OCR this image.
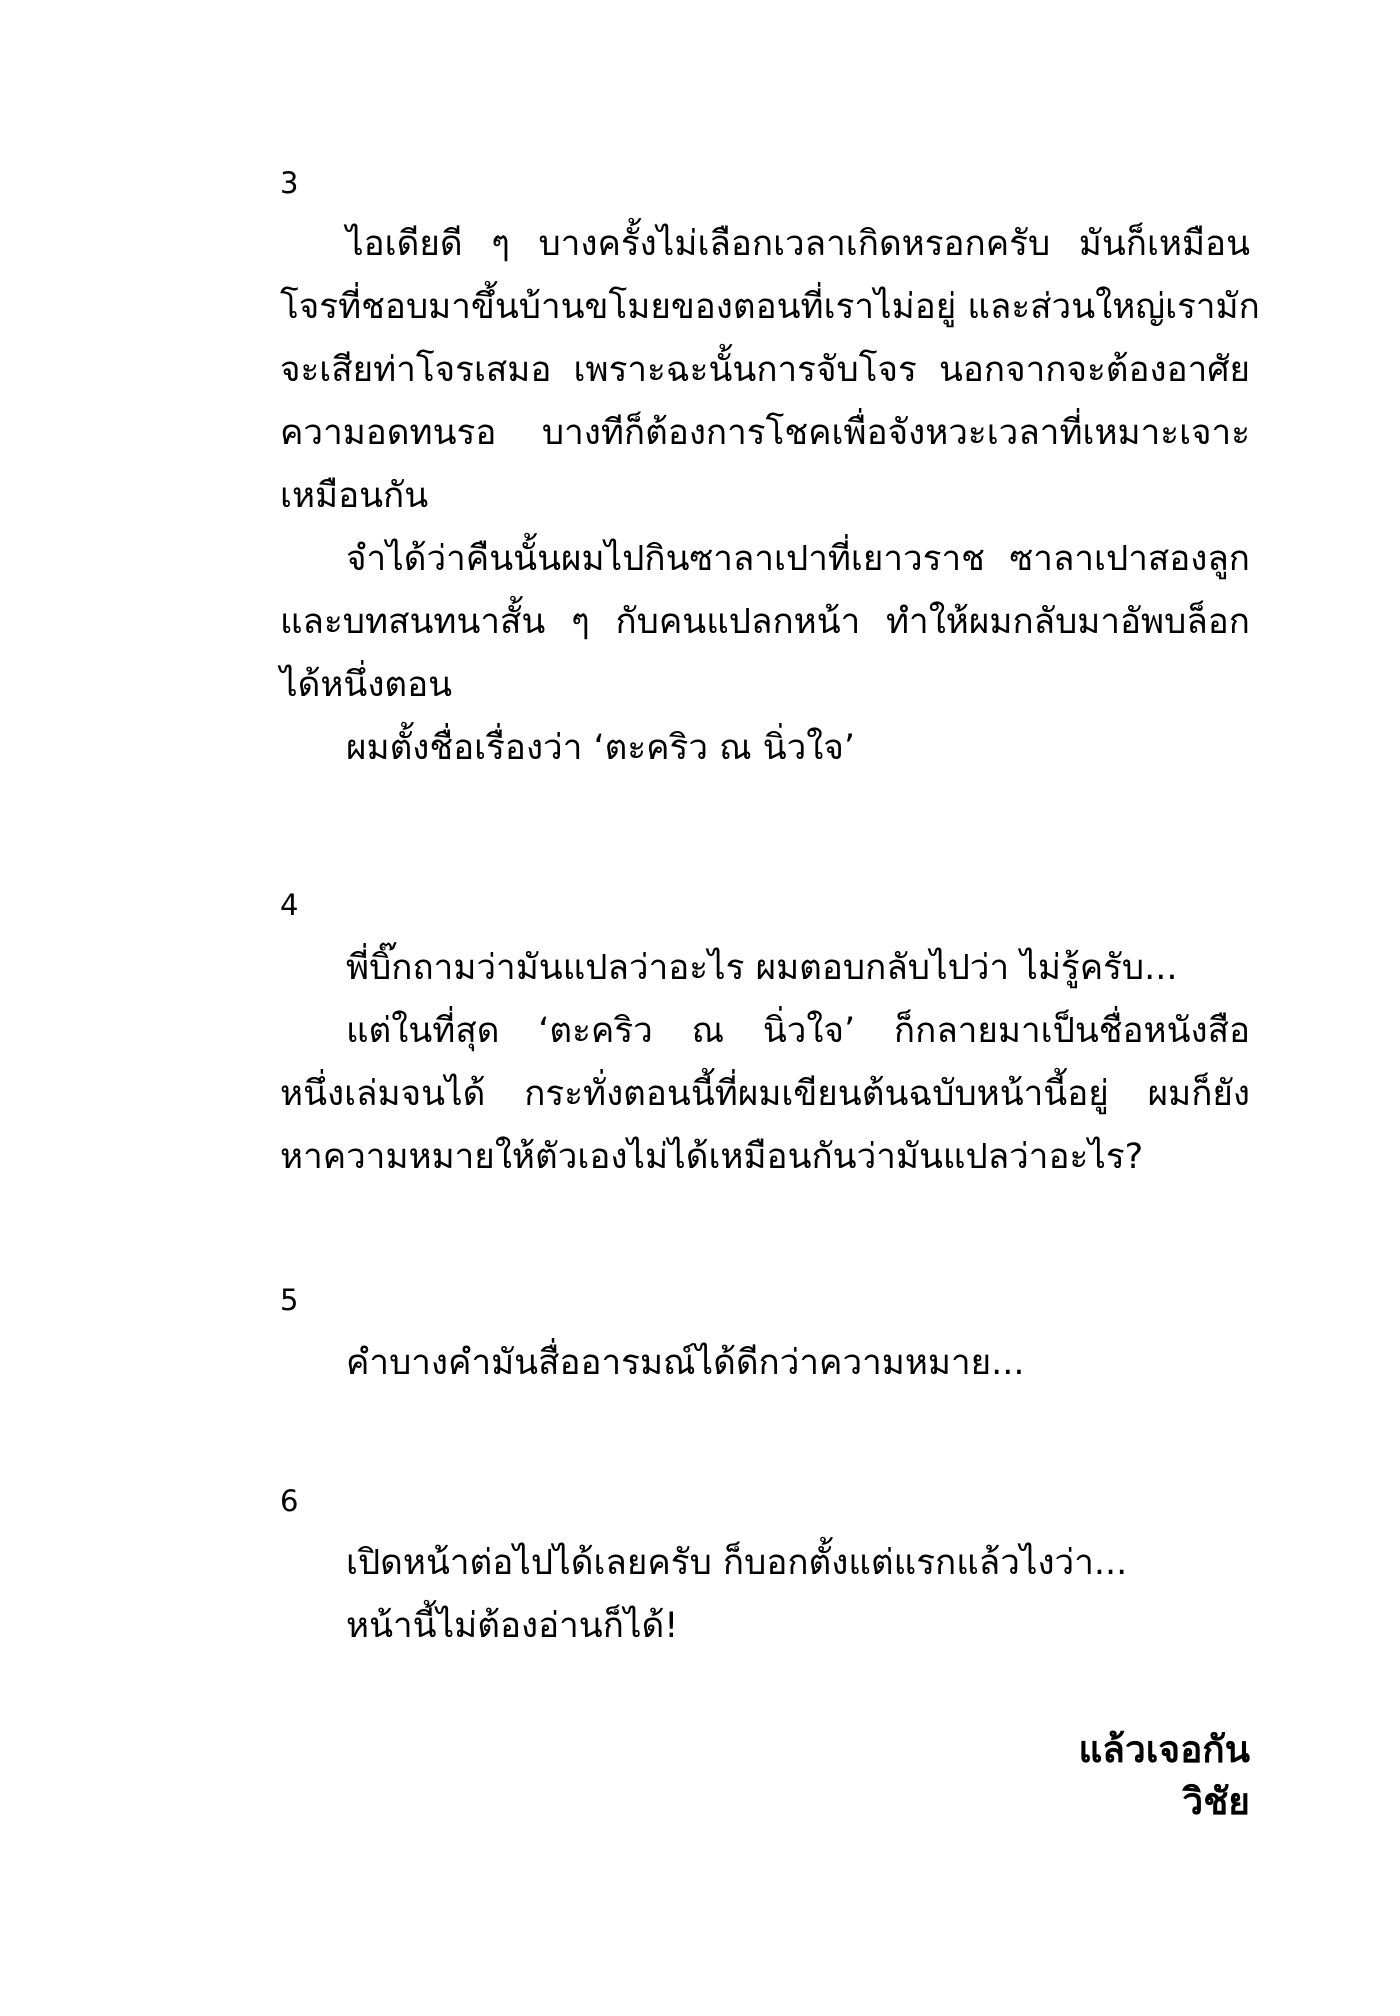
3

ไอเดียดี ๆ บางครั้งไม่เลือกเวลาเกิดหรอกครับ มันก็เหมือน

โจรที่ชอบมาขึ้นบ้านขโมยของตอนที่เราไม่อยู่ และส่วนใหญ่เรามัก

จะเสียท่าโจรเสมอ เพราะฉะนั้นการจับโจร นอกจากจะต้องอาศัย

ความอดทนรอ บางทีก็ต้องการโชคเพื่อจังหวะเวลาที่เหมาะเจาะ

เหมือนกัน

จำได้ว่าคืนนั้นผมไปกินซาลาเปาที่เยาวราช ซาลาเปาสองลูก

และบทสนทนาสั้น ๆ กับคนแปลกหน้า ทำให้ผมกลับมาอัพบล็อก

ได้หนึ่งตอน

ผมตั้งชื่อเรื่องว่า ‘ตะคริว ณ นิ่วใจ’

4

พี่บิ๊กถามว่ามันแปลว่าอะไร ผมตอบกลับไปว่า ไม่รู้ครับ...

แต่ในที่สุด ‘ตะคริว ณ นิ่วใจ’ ก็กลายมาเป็นชื่อหนังสือ

หนึ่งเล่มจนได้ กระทั่งตอนนี้ที่ผมเขียนต้นฉบับหน้านี้อยู่ ผมก็ยัง

หาความหมายให้ตัวเองไม่ได้เหมือนกันว่ามันแปลว่าอะไร?

5

คำบางคำมันสื่ออารมณ์ได้ดีกว่าความหมาย...

6

เปิดหน้าต่อไปได้เลยครับ ก็บอกตั้งแต่แรกแล้วไงว่า...

หน้านี้ไม่ต้องอ่านก็ได้!

แล้วเจอกัน

วิชัย
